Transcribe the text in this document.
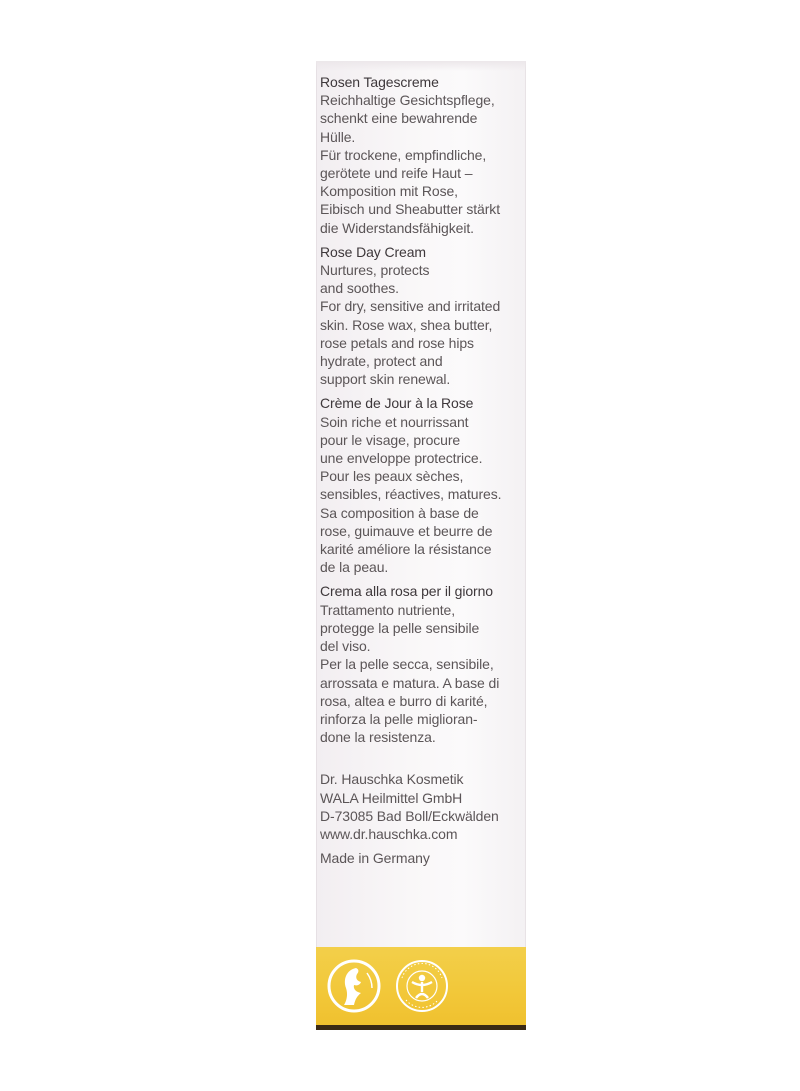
Rosen Tagescreme
Reichhaltige Gesichtspflege,
schenkt eine bewahrende
Hülle.
Für trockene, empfindliche,
gerötete und reife Haut –
Komposition mit Rose,
Eibisch und Sheabutter stärkt
die Widerstandsfähigkeit.
Rose Day Cream
Nurtures, protects
and soothes.
For dry, sensitive and irritated
skin. Rose wax, shea butter,
rose petals and rose hips
hydrate, protect and
support skin renewal.
Crème de Jour à la Rose
Soin riche et nourrissant
pour le visage, procure
une enveloppe protectrice.
Pour les peaux sèches,
sensibles, réactives, matures.
Sa composition à base de
rose, guimauve et beurre de
karité améliore la résistance
de la peau.
Crema alla rosa per il giorno
Trattamento nutriente,
protegge la pelle sensibile
del viso.
Per la pelle secca, sensibile,
arrossata e matura. A base di
rosa, altea e burro di karité,
rinforza la pelle miglioran-
done la resistenza.
Dr. Hauschka Kosmetik
WALA Heilmittel GmbH
D-73085 Bad Boll/Eckwälden
www.dr.hauschka.com
Made in Germany
